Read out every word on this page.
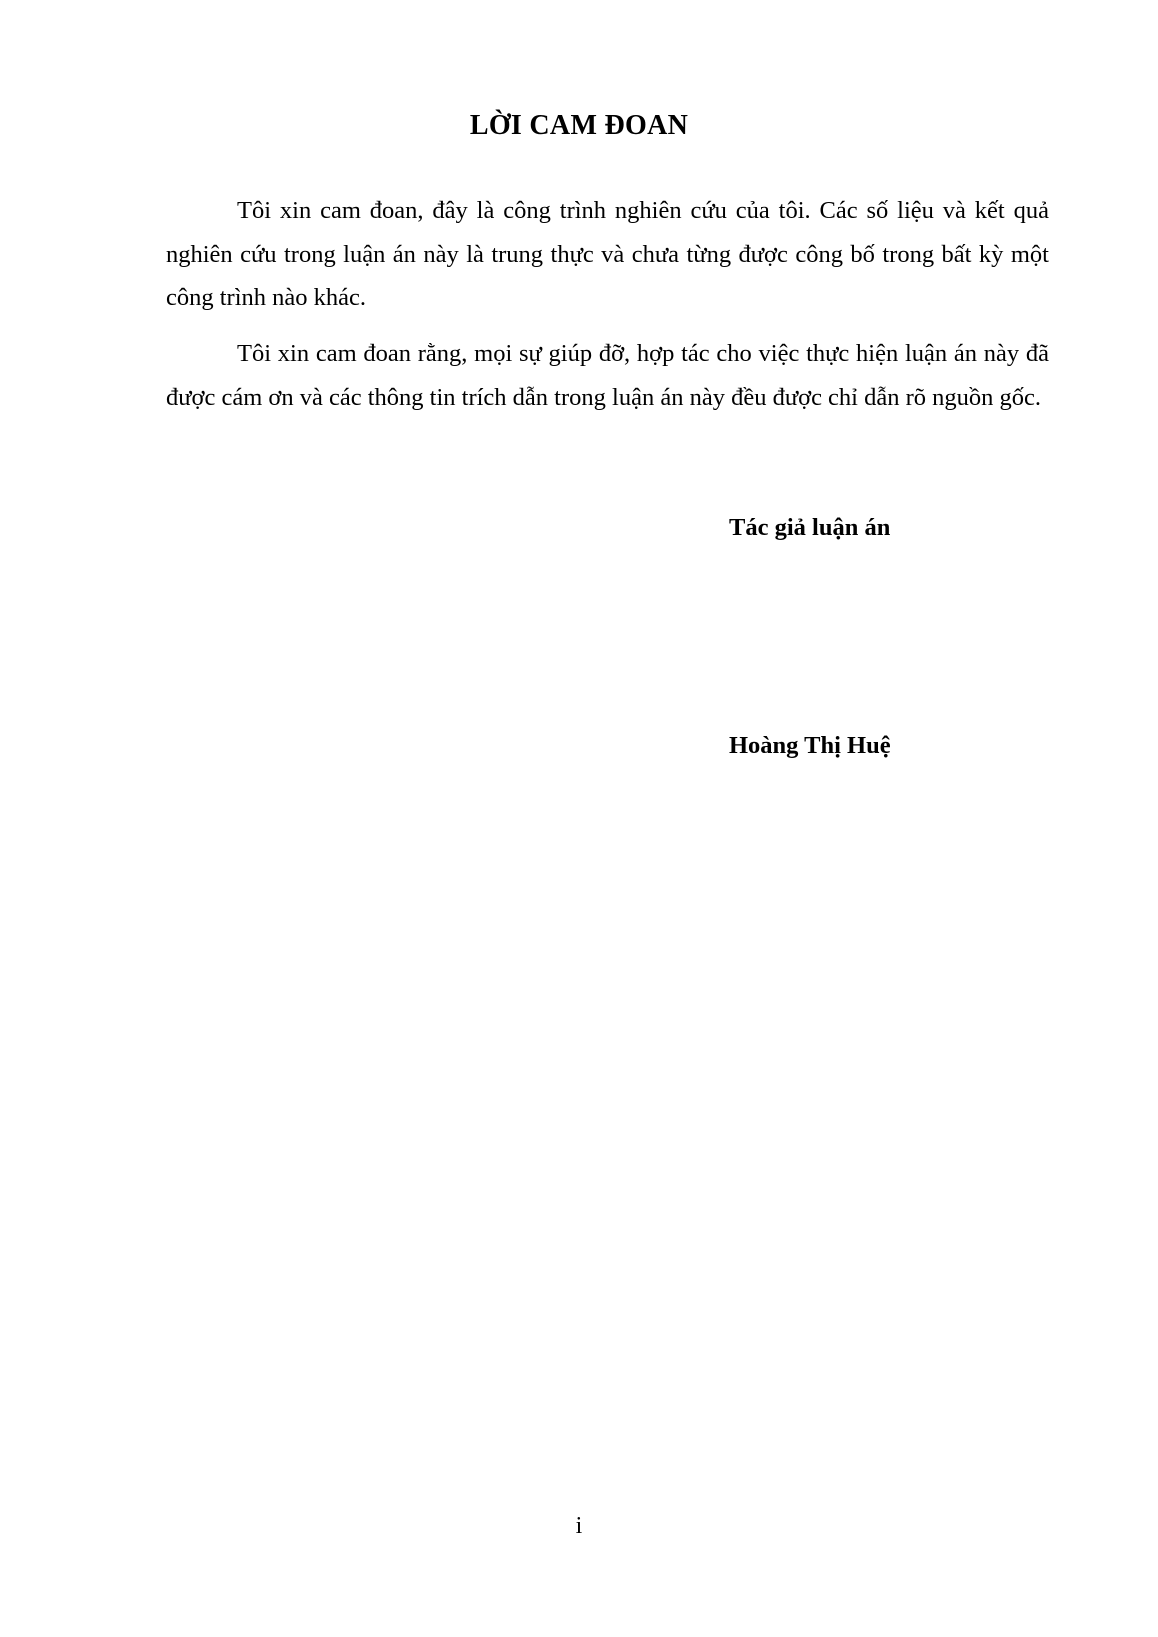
LỜI CAM ĐOAN

Tôi xin cam đoan, đây là công trình nghiên cứu của tôi. Các số liệu và kết quả nghiên cứu trong luận án này là trung thực và chưa từng được công bố trong bất kỳ một công trình nào khác.

Tôi xin cam đoan rằng, mọi sự giúp đỡ, hợp tác cho việc thực hiện luận án này đã được cám ơn và các thông tin trích dẫn trong luận án này đều được chỉ dẫn rõ nguồn gốc.

Tác giả luận án
Hoàng Thị Huệ
i
